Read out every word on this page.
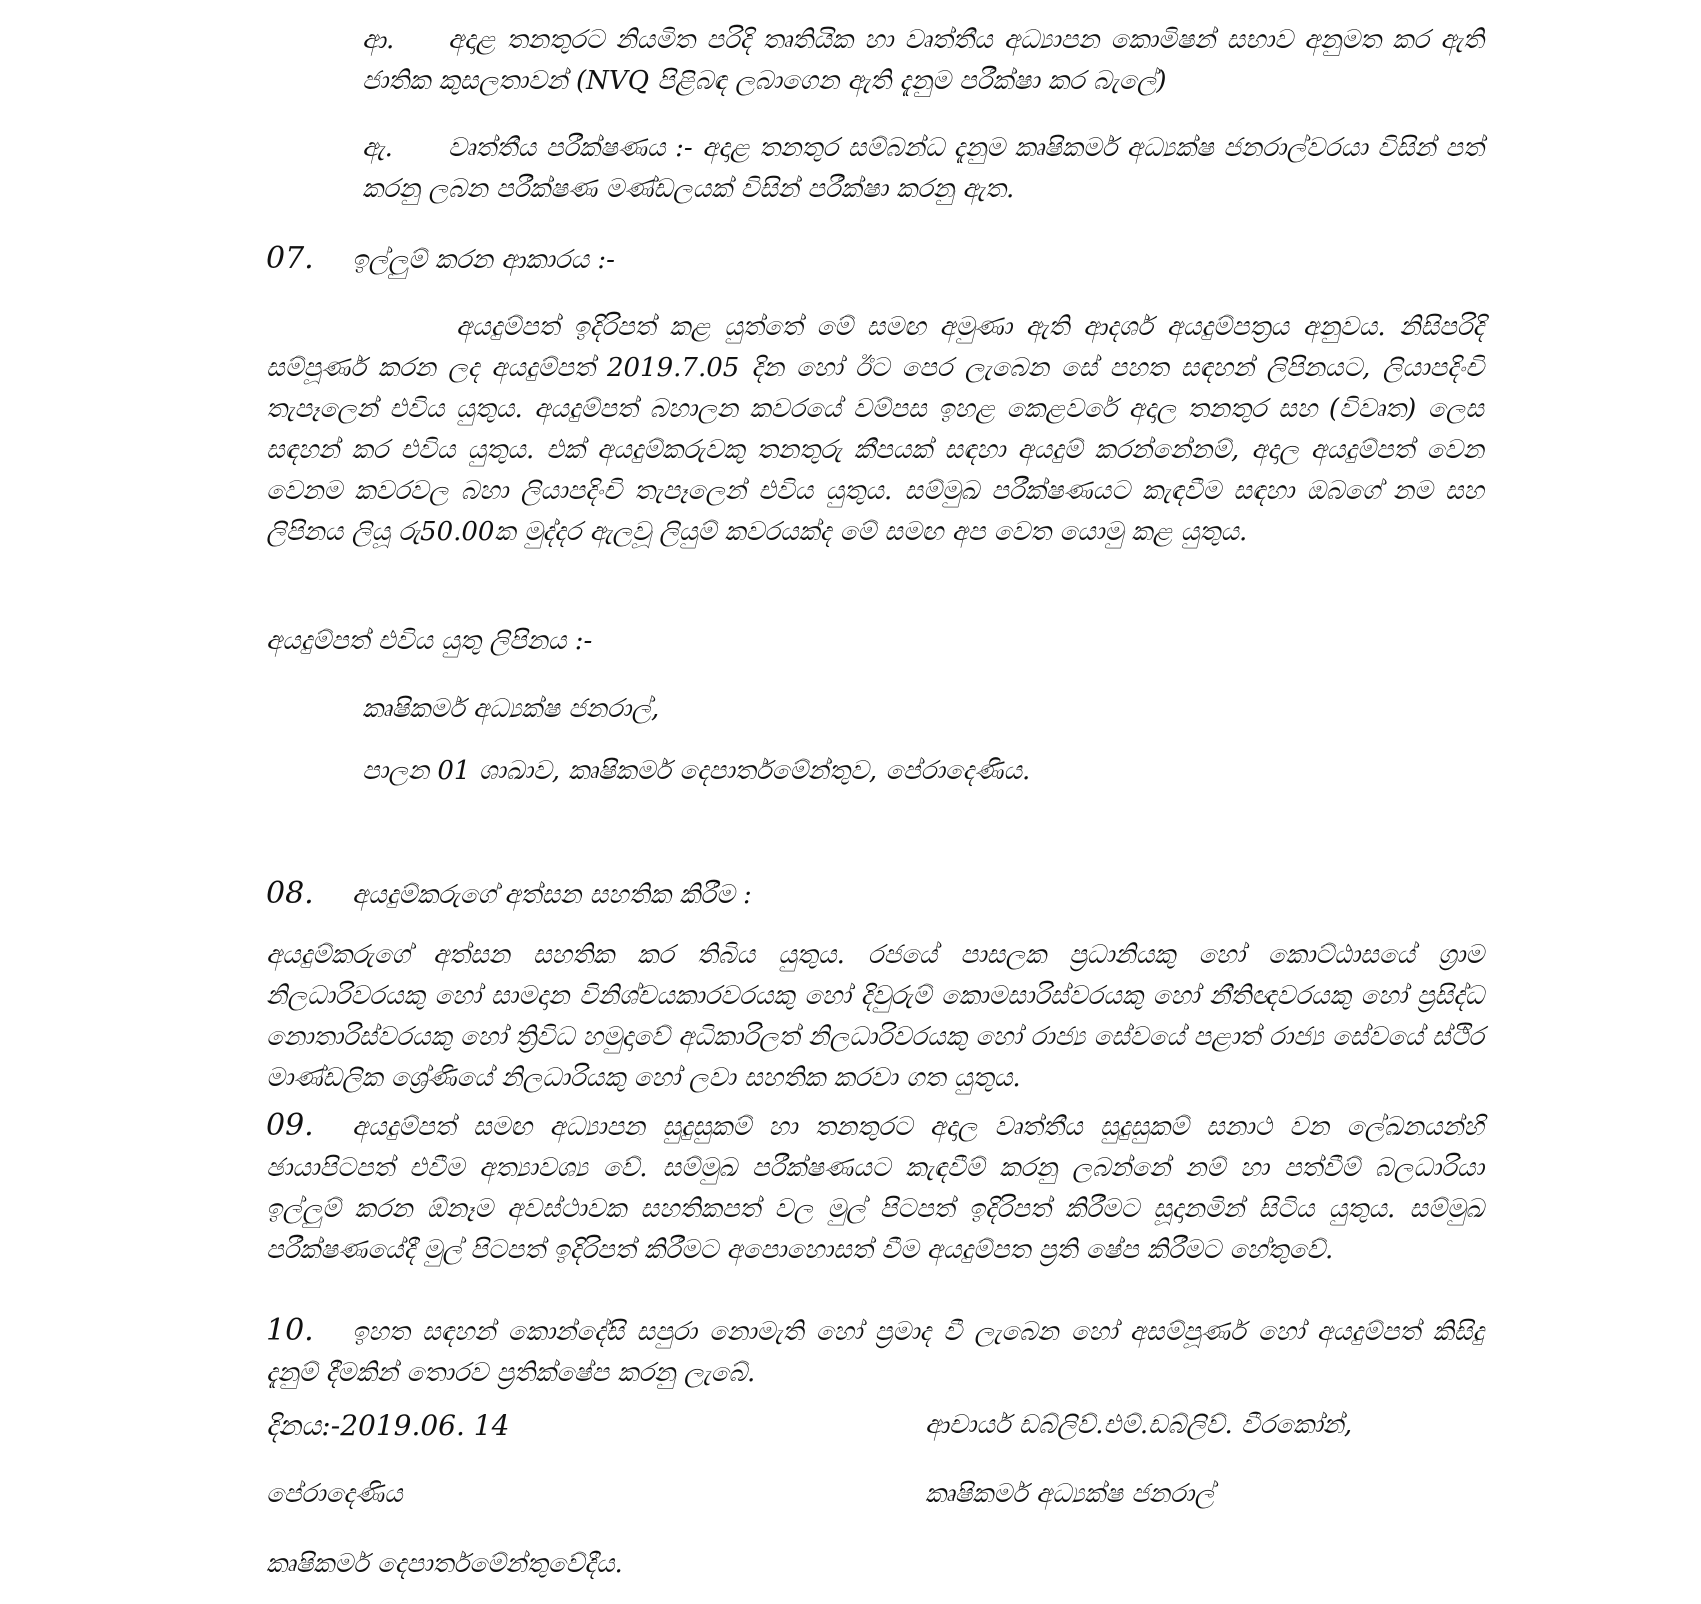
ආ. අදාළ තනතුරට නියමිත පරිදි තෘතියික හා වෘත්තීය අධ්‍යාපන කොමිෂන් සභාව අනුමත කර ඇති ජාතික කුසලතාවන් (NVQ පිළිබඳ ලබාගෙන ඇති දැනුම පරීක්ෂා කර බැලේ)

ඇ. වෘත්තීය පරීක්ෂණය :- අදාළ තනතුර සම්බන්ධ දැනුම කෘෂිකර්ම අධ්‍යක්ෂ ජනරාල්වරයා විසින් පත් කරනු ලබන පරීක්ෂණ මණ්ඩලයක් විසින් පරීක්ෂා කරනු ඇත.

07. ඉල්ලුම් කරන ආකාරය :-

අයදුම්පත් ඉදිරිපත් කළ යුත්තේ මේ සමඟ අමුණා ඇති ආදර්ශ අයදුම්පත්‍රය අනුවය. නිසිපරිදි සම්පූර්ණ කරන ලද අයදුම්පත් 2019.7.05 දින හෝ ඊට පෙර ලැබෙන සේ පහත සඳහන් ලිපිනයට, ලියාපදිංචි තැපෑලෙන් එවිය යුතුය. අයදුම්පත් බහාලන කවරයේ වම්පස ඉහළ කෙළවරේ අදාල තනතුර සහ (විවෘත) ලෙස සඳහන් කර එවිය යුතුය. එක් අයදුම්කරුවකු තනතුරු කීපයක් සඳහා අයදුම් කරන්නේනම්, අදාල අයදුම්පත් වෙන වෙනම කවරවල බහා ලියාපදිංචි තැපෑලෙන් එවිය යුතුය. සම්මුඛ පරීක්ෂණයට කැඳවීම සඳහා ඔබගේ නම සහ ලිපිනය ලියූ රු50.00ක මුද්දර ඇලවූ ලියුම් කවරයක්ද මේ සමඟ අප වෙත යොමු කළ යුතුය.

අයදුම්පත් එවිය යුතු ලිපිනය :-

කෘෂිකර්ම අධ්‍යක්ෂ ජනරාල්,

පාලන 01 ශාඛාව, කෘෂිකර්ම දෙපාර්තමේන්තුව, පේරාදෙණිය.

08. අයදුම්කරුගේ අත්සන සහතික කිරීම :

අයදුම්කරුගේ අත්සන සහතික කර තිබිය යුතුය. රජයේ පාසලක ප්‍රධානියකු හෝ කොට්ඨාසයේ ග්‍රාම නිලධාරිවරයකු හෝ සාමදාන විනිශ්චයකාරවරයකු හෝ දිවුරුම් කොමසාරිස්වරයකු හෝ නීතිඥවරයකු හෝ ප්‍රසිද්ධ නොතාරිස්වරයකු හෝ ත්‍රිවිධ හමුදාවේ අධිකාරිලත් නිලධාරිවරයකු හෝ රාජ්‍ය සේවයේ පළාත් රාජ්‍ය සේවයේ ස්ථිර මාණ්ඩලික ශ්‍රේණියේ නිලධාරියකු හෝ ලවා සහතික කරවා ගත යුතුය.

09. අයදුම්පත් සමඟ අධ්‍යාපන සුදුසුකම් හා තනතුරට අදාල වෘත්තීය සුදුසුකම් සනාථ වන ලේඛනයන්හි ඡායාපිටපත් එවීම අත්‍යාවශ්‍ය වේ. සම්මුඛ පරීක්ෂණයට කැඳවීම් කරනු ලබන්නේ නම් හා පත්වීම් බලධාරියා ඉල්ලුම් කරන ඕනෑම අවස්ථාවක සහතිකපත් වල මුල් පිටපත් ඉදිරිපත් කිරීමට සූදානමින් සිටිය යුතුය. සම්මුඛ පරීක්ෂණයේදී මුල් පිටපත් ඉදිරිපත් කිරීමට අපොහොසත් වීම අයදුම්පත ප්‍රති ෂේප කිරීමට හේතුවේ.

10. ඉහත සඳහන් කොන්දේසි සපුරා නොමැති හෝ ප්‍රමාද වී ලැබෙන හෝ අසම්පූර්ණ හෝ අයදුම්පත් කිසිදු දැනුම් දීමකින් තොරව ප්‍රතික්ෂේප කරනු ලැබේ.

දිනය:-2019.06. 14

පේරාදෙණිය

කෘෂිකර්ම දෙපාර්තමේන්තුවේදීය.

ආචාර්ය ඩබ්ලිව්.එම්.ඩබ්ලිව්. වීරකෝන්,

කෘෂිකර්ම අධ්‍යක්ෂ ජනරාල්
